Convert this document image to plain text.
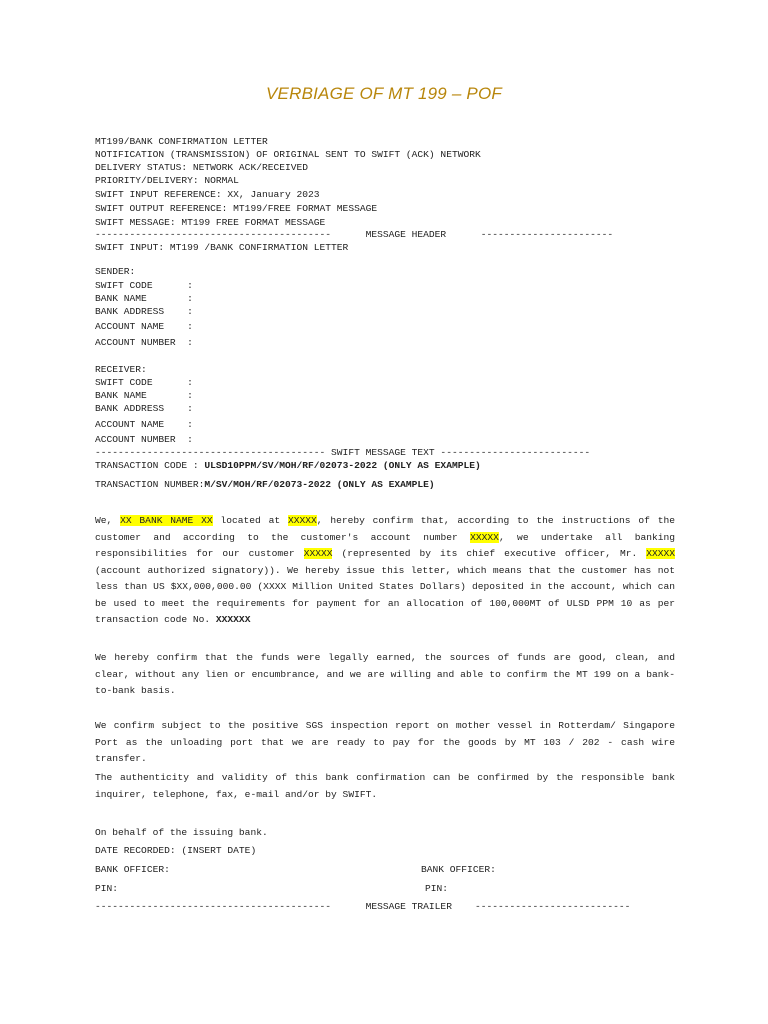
VERBIAGE OF MT 199 – POF
MT199/BANK CONFIRMATION LETTER
NOTIFICATION (TRANSMISSION) OF ORIGINAL SENT TO SWIFT (ACK) NETWORK
DELIVERY STATUS: NETWORK ACK/RECEIVED
PRIORITY/DELIVERY: NORMAL
SWIFT INPUT REFERENCE: XX, January 2023
SWIFT OUTPUT REFERENCE: MT199/FREE FORMAT MESSAGE
SWIFT MESSAGE: MT199 FREE FORMAT MESSAGE
-----------------------------------------      MESSAGE HEADER      -----------------------
SWIFT INPUT: MT199 /BANK CONFIRMATION LETTER
SENDER:
SWIFT CODE      :
BANK NAME       :
BANK ADDRESS    :
ACCOUNT NAME    :
ACCOUNT NUMBER  :
RECEIVER:
SWIFT CODE      :
BANK NAME       :
BANK ADDRESS    :
ACCOUNT NAME    :
ACCOUNT NUMBER  :
---------------------------------------- SWIFT MESSAGE TEXT --------------------------
TRANSACTION CODE : ULSD10PPM/SV/MOH/RF/02073-2022 (ONLY AS EXAMPLE)
TRANSACTION NUMBER:M/SV/MOH/RF/02073-2022 (ONLY AS EXAMPLE)
We, XX BANK NAME XX located at XXXXX, hereby confirm that, according to the instructions of the customer and according to the customer's account number XXXXX, we undertake all banking responsibilities for our customer XXXXX (represented by its chief executive officer, Mr. XXXXX (account authorized signatory)). We hereby issue this letter, which means that the customer has not less than US $XX,000,000.00 (XXXX Million United States Dollars) deposited in the account, which can be used to meet the requirements for payment for an allocation of 100,000MT of ULSD PPM 10 as per transaction code No. XXXXXX
We hereby confirm that the funds were legally earned, the sources of funds are good, clean, and clear, without any lien or encumbrance, and we are willing and able to confirm the MT 199 on a bank-to-bank basis.
We confirm subject to the positive SGS inspection report on mother vessel in Rotterdam/ Singapore Port as the unloading port that we are ready to pay for the goods by MT 103 / 202 - cash wire transfer.
The authenticity and validity of this bank confirmation can be confirmed by the responsible bank inquirer, telephone, fax, e-mail and/or by SWIFT.
On behalf of the issuing bank.
DATE RECORDED: (INSERT DATE)
BANK OFFICER:	BANK OFFICER:
PIN:	PIN:
-----------------------------------------      MESSAGE TRAILER    ---------------------------
